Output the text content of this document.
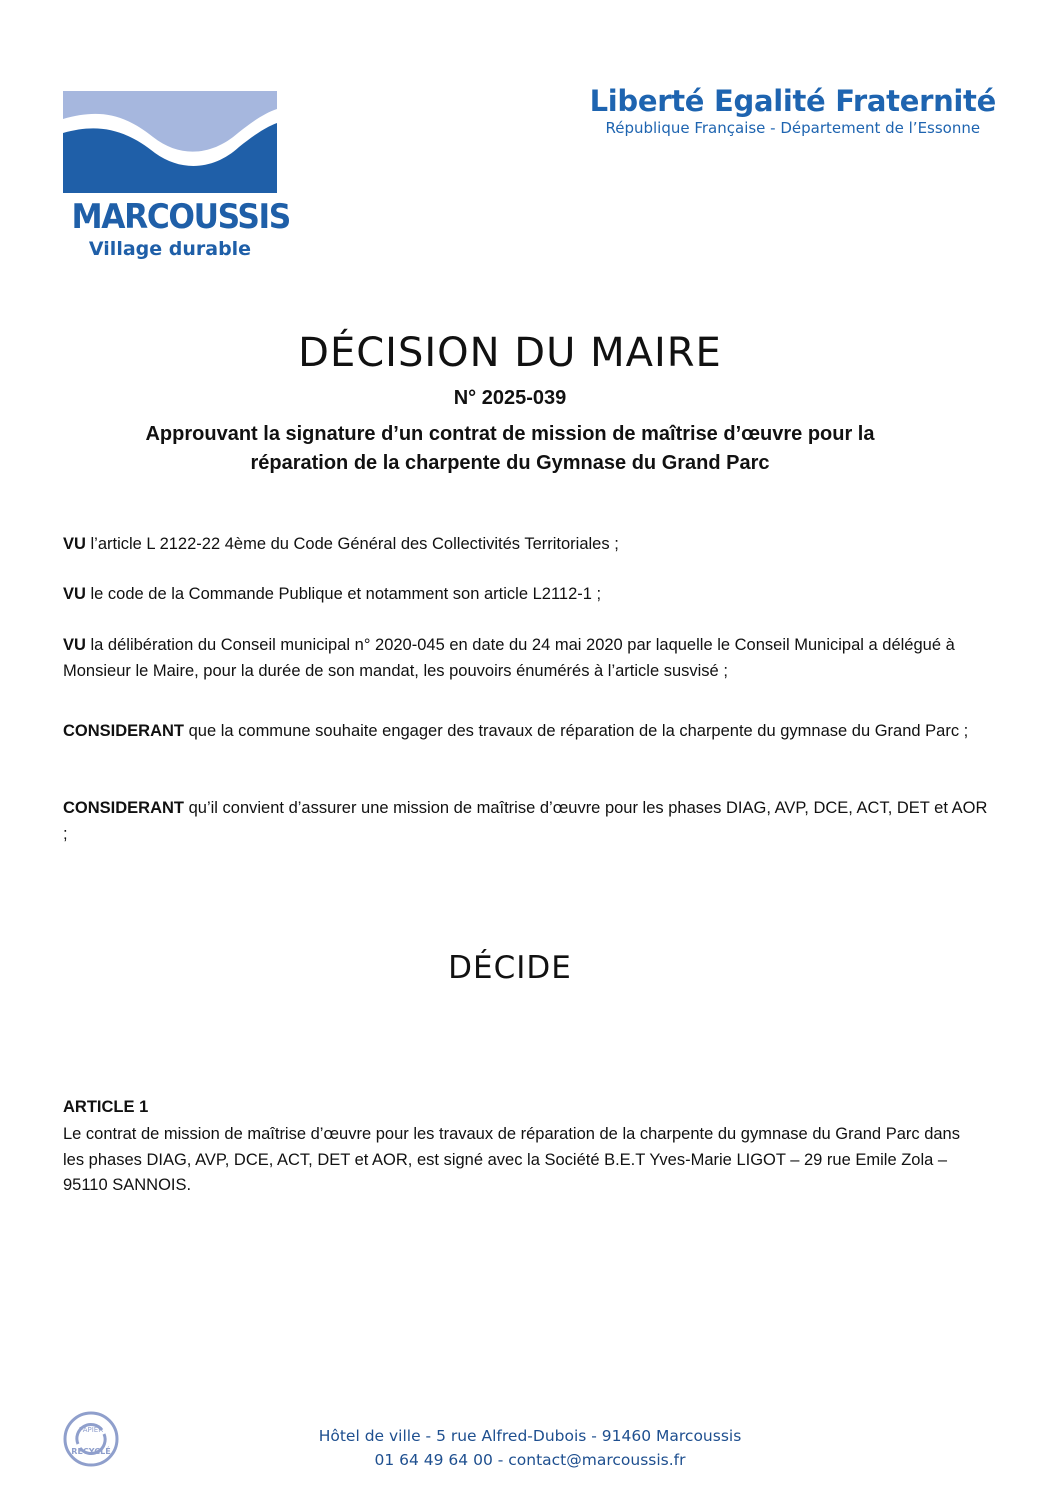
MARCOUSSIS
Village durable
Liberté Egalité Fraternité
République Française - Département de l’Essonne
DÉCISION DU MAIRE
N° 2025-039
Approuvant la signature d’un contrat de mission de maîtrise d’œuvre pour la
réparation de la charpente du Gymnase du Grand Parc

VU l’article L 2122-22 4ème du Code Général des Collectivités Territoriales ;

VU le code de la Commande Publique et notamment son article L2112-1 ;

VU la délibération du Conseil municipal n° 2020-045 en date du 24 mai 2020 par laquelle le Conseil Municipal a délégué à Monsieur le Maire, pour la durée de son mandat, les pouvoirs énumérés à l’article susvisé ;

CONSIDERANT que la commune souhaite engager des travaux de réparation de la charpente du gymnase du Grand Parc ;

CONSIDERANT qu’il convient d’assurer une mission de maîtrise d’œuvre pour les phases DIAG, AVP, DCE, ACT, DET et AOR ;

DÉCIDE
ARTICLE 1

Le contrat de mission de maîtrise d’œuvre pour les travaux de réparation de la charpente du gymnase du Grand Parc dans les phases DIAG, AVP, DCE, ACT, DET et AOR, est signé avec la Société B.E.T Yves-Marie LIGOT – 29 rue Emile Zola – 95110 SANNOIS.

PAPIER
RECYCLÉ
Hôtel de ville - 5 rue Alfred-Dubois - 91460 Marcoussis
01 64 49 64 00 - contact@marcoussis.fr
